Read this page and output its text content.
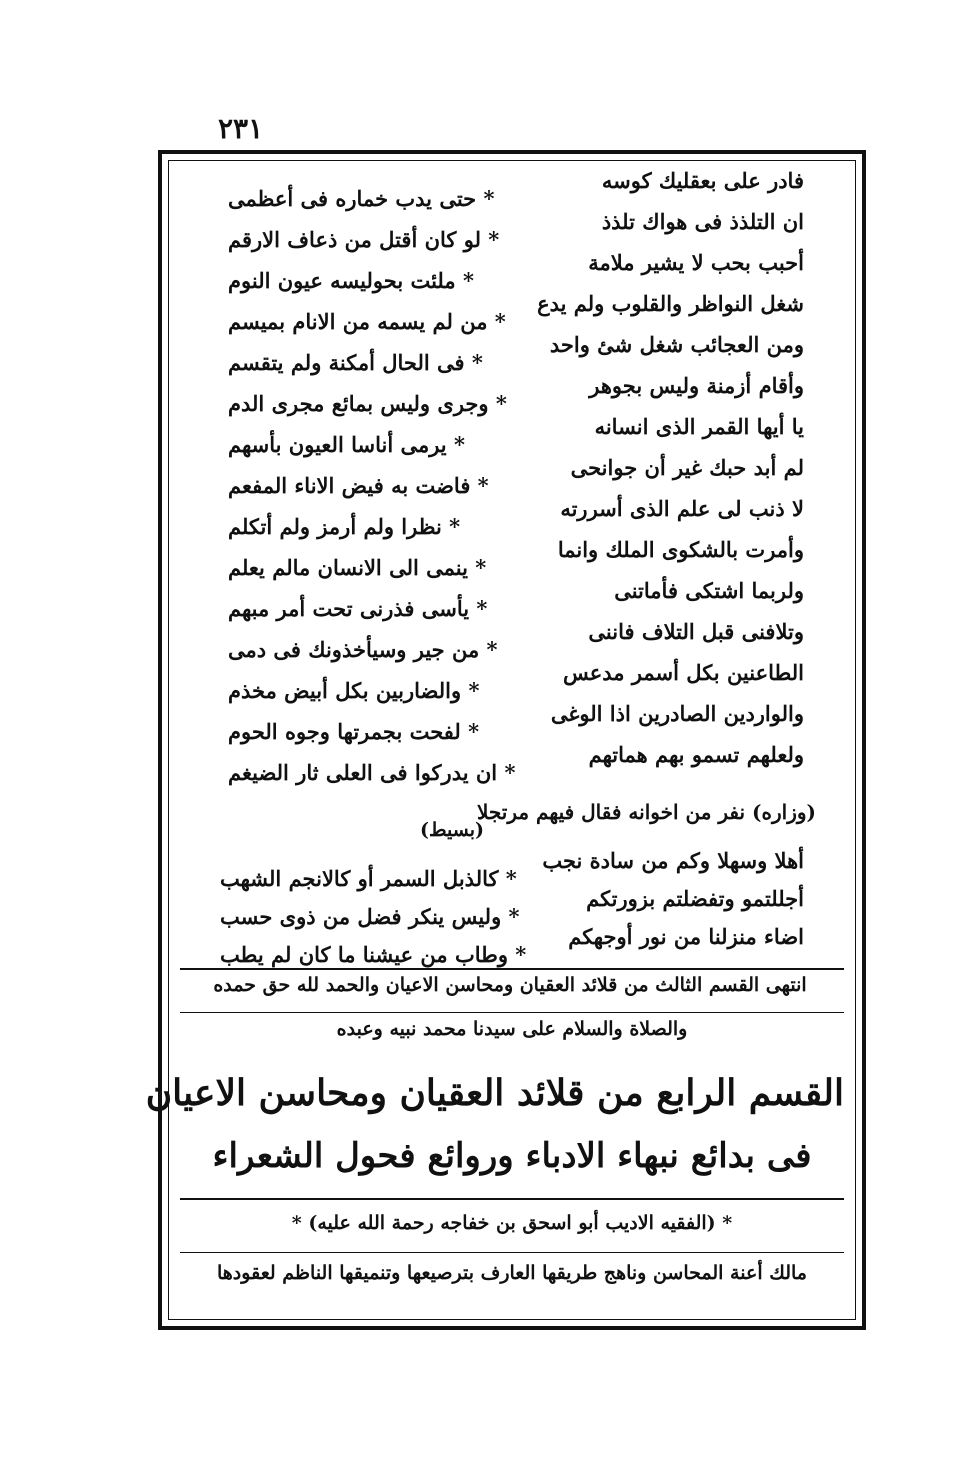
٢٣١
فادر على بعقليك كوسه
* حتى يدب خماره فى أعظمى
ان التلذذ فى هواك تلذذ
* لو كان أقتل من ذعاف الارقم
أحبب بحب لا يشير ملامة
* ملئت بحوليسه عيون النوم
شغل النواظر والقلوب ولم يدع
* من لم يسمه من الانام بميسم
ومن العجائب شغل شئ واحد
* فى الحال أمكنة ولم يتقسم
وأقام أزمنة وليس بجوهر
* وجرى وليس بمائع مجرى الدم
يا أيها القمر الذى انسانه
* يرمى أناسا العيون بأسهم
لم أبد حبك غير أن جوانحى
* فاضت به فيض الاناء المفعم
لا ذنب لى علم الذى أسررته
* نظرا ولم أرمز ولم أتكلم
وأمرت بالشكوى الملك وانما
* ينمى الى الانسان مالم يعلم
ولربما اشتكى فأماتنى
* يأسى فذرنى تحت أمر مبهم
وتلافنى قبل التلاف فاننى
* من جير وسيأخذونك فى دمى
الطاعنين بكل أسمر مدعس
* والضاربين بكل أبيض مخذم
والواردين الصادرين اذا الوغى
* لفحت بجمرتها وجوه الحوم
ولعلهم تسمو بهم هماتهم
* ان يدركوا فى العلى ثار الضيغم
(وزاره) نفر من اخوانه فقال فيهم مرتجلا
(بسيط)
أهلا وسهلا وكم من سادة نجب
* كالذبل السمر أو كالانجم الشهب
أجللتمو وتفضلتم بزورتكم
* وليس ينكر فضل من ذوى حسب
اضاء منزلنا من نور أوجهكم
* وطاب من عيشنا ما كان لم يطب
انتهى القسم الثالث من قلائد العقيان ومحاسن الاعيان والحمد لله حق حمده
والصلاة والسلام على سيدنا محمد نبيه وعبده
القسم الرابع من قلائد العقيان ومحاسن الاعيان
فى بدائع نبهاء الادباء وروائع فحول الشعراء
* (الفقيه الاديب أبو اسحق بن خفاجه رحمة الله عليه) *
مالك أعنة المحاسن وناهج طريقها العارف بترصيعها وتنميقها الناظم لعقودها
